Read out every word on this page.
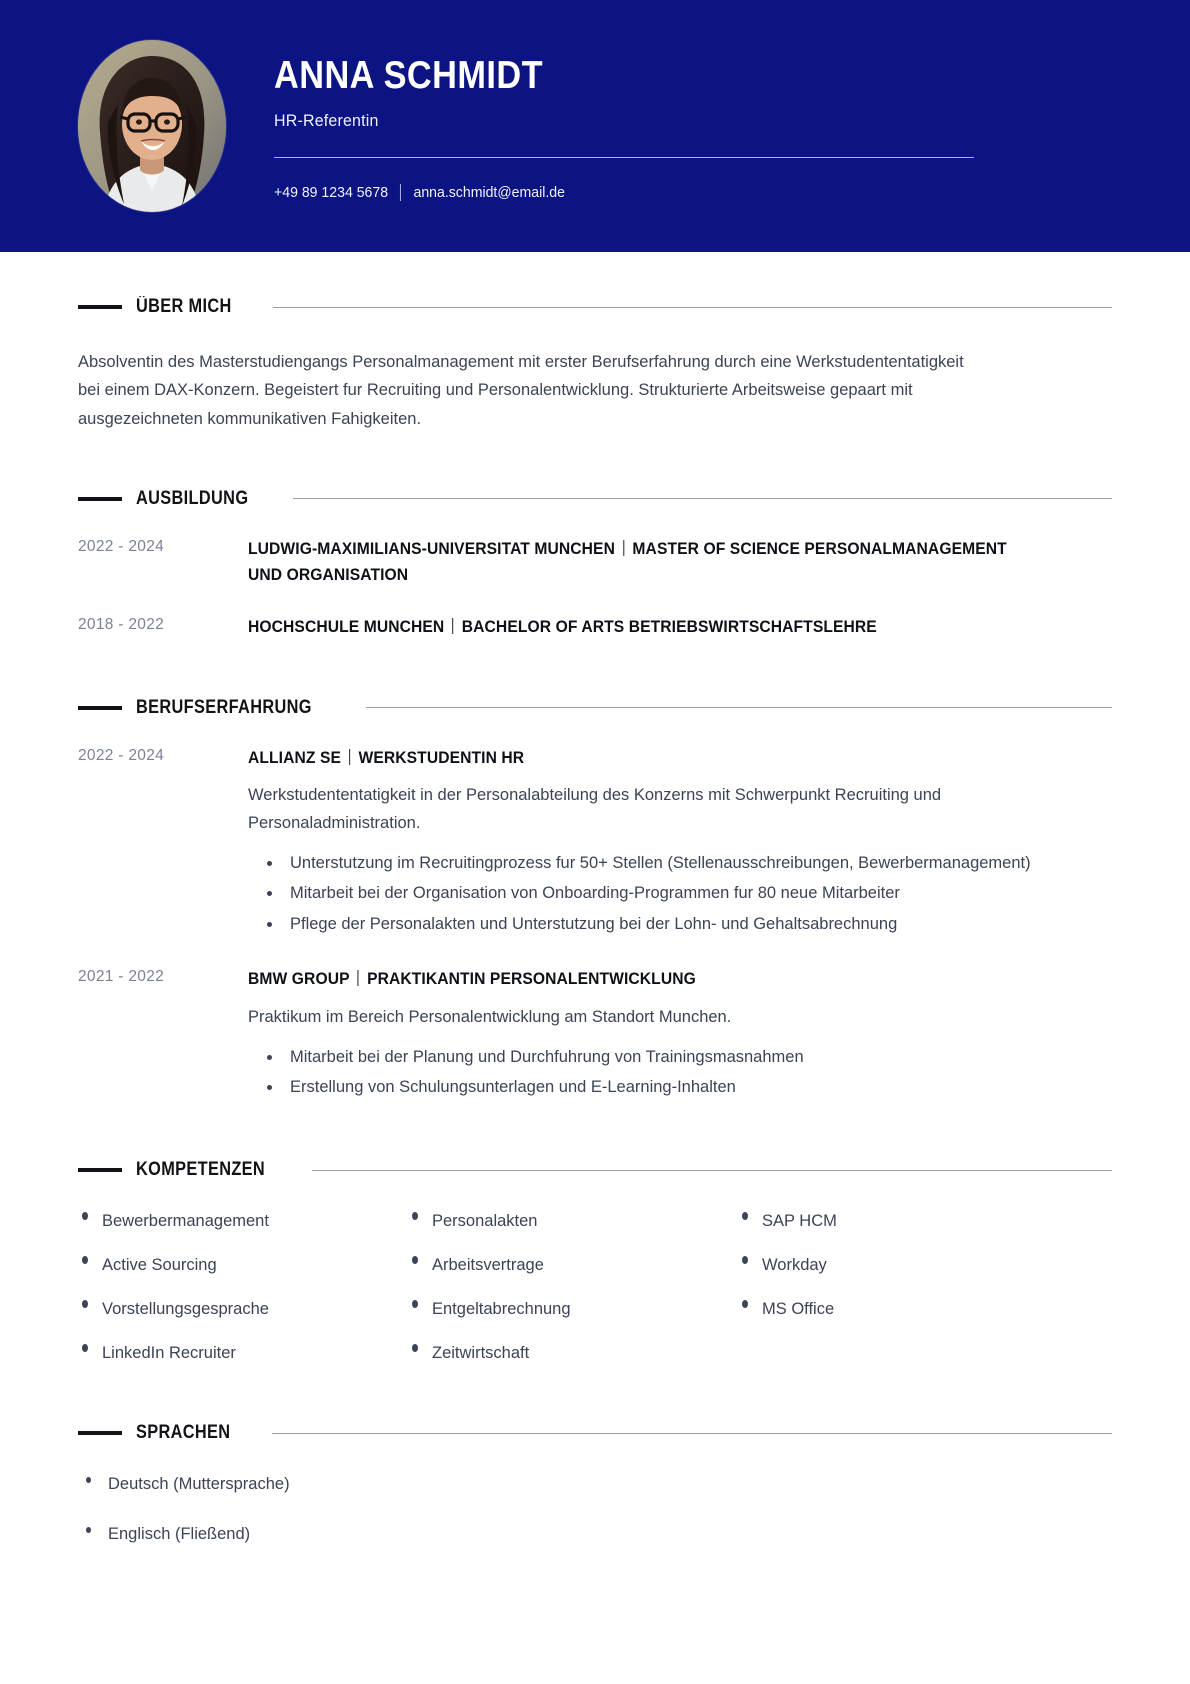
ANNA SCHMIDT
HR-Referentin
+49 89 1234 5678 anna.schmidt@email.de
ÜBER MICH

Absolventin des Masterstudiengangs Personalmanagement mit erster Berufserfahrung durch eine Werkstudententatigkeit bei einem DAX-Konzern. Begeistert fur Recruiting und Personalentwicklung. Strukturierte Arbeitsweise gepaart mit ausgezeichneten kommunikativen Fahigkeiten.

AUSBILDUNG
2022 - 2024	LUDWIG-MAXIMILIANS-UNIVERSITAT MUNCHEN MASTER OF SCIENCE PERSONALMANAGEMENT UND ORGANISATION
2018 - 2022	HOCHSCHULE MUNCHEN BACHELOR OF ARTS BETRIEBSWIRTSCHAFTSLEHRE
BERUFSERFAHRUNG
2022 - 2024	ALLIANZ SE WERKSTUDENTIN HR
Werkstudententatigkeit in der Personalabteilung des Konzerns mit Schwerpunkt Recruiting und Personaladministration.
Unterstutzung im Recruitingprozess fur 50+ Stellen (Stellenausschreibungen, Bewerbermanagement)
Mitarbeit bei der Organisation von Onboarding-Programmen fur 80 neue Mitarbeiter
Pflege der Personalakten und Unterstutzung bei der Lohn- und Gehaltsabrechnung
2021 - 2022	BMW GROUP PRAKTIKANTIN PERSONALENTWICKLUNG
Praktikum im Bereich Personalentwicklung am Standort Munchen.
Mitarbeit bei der Planung und Durchfuhrung von Trainingsmasnahmen
Erstellung von Schulungsunterlagen und E-Learning-Inhalten
KOMPETENZEN
Bewerbermanagement
Active Sourcing
Vorstellungsgesprache
LinkedIn Recruiter
Personalakten
Arbeitsvertrage
Entgeltabrechnung
Zeitwirtschaft
SAP HCM
Workday
MS Office
SPRACHEN
Deutsch (Muttersprache)
Englisch (Fließend)
